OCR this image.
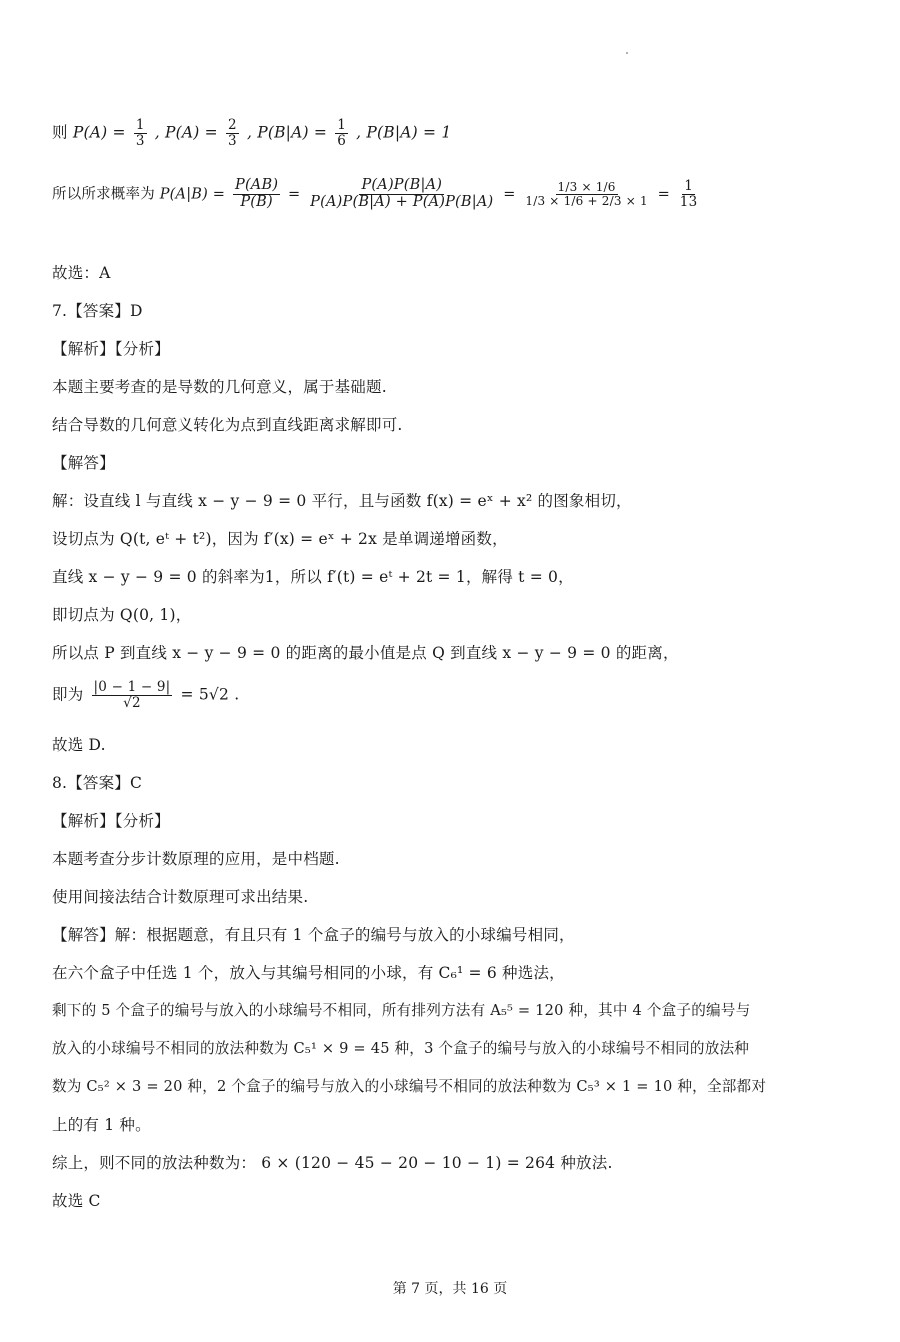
则 $P(A) = \frac{1}{3}$ , $P(A) = \frac{2}{3}$ , $P(B|A) = \frac{1}{6}$ , P(B|A) = 1
所以所求概率为 $P(A|B) = \frac{P(AB)}{P(B)} = \frac{P(A)P(B|A)}{P(A)P(B|A) + P(A)P(B|A)} = \frac{1/3 \times 1/6}{1/3 \times 1/6 + 2/3 \times 1} = \frac{1}{13}$
故选：A
7.【答案】D
【解析】【分析】
本题主要考查的是导数的几何意义，属于基础题.
结合导数的几何意义转化为点到直线距离求解即可.
【解答】
解：设直线 l 与直线 x − y − 9 = 0 平行，且与函数 f(x) = eˣ + x² 的图象相切，
设切点为 Q(t, eᵗ + t²)，因为 f′(x) = eˣ + 2x 是单调递增函数，
直线 x − y − 9 = 0 的斜率为1，所以 f′(t) = eᵗ + 2t = 1，解得 t = 0，
即切点为 Q(0, 1)，
所以点 P 到直线 x − y − 9 = 0 的距离的最小值是点 Q 到直线 x − y − 9 = 0 的距离，
即为 $\frac{|0 - 1 - 9|}{√2} = 5√2$ .
故选 D.
8.【答案】C
【解析】【分析】
本题考查分步计数原理的应用，是中档题.
使用间接法结合计数原理可求出结果.
【解答】解：根据题意，有且只有 1 个盒子的编号与放入的小球编号相同，
在六个盒子中任选 1 个，放入与其编号相同的小球，有 C₆¹ = 6 种选法，
剩下的 5 个盒子的编号与放入的小球编号不相同，所有排列方法有 A₅⁵ = 120 种，其中 4 个盒子的编号与
放入的小球编号不相同的放法种数为 C₅¹ × 9 = 45 种，3 个盒子的编号与放入的小球编号不相同的放法种
数为 C₅² × 3 = 20 种，2 个盒子的编号与放入的小球编号不相同的放法种数为 C₅³ × 1 = 10 种，全部都对
上的有 1 种。
综上，则不同的放法种数为： 6 × (120 − 45 − 20 − 10 − 1) = 264 种放法.
故选 C
第 7 页，共 16 页
